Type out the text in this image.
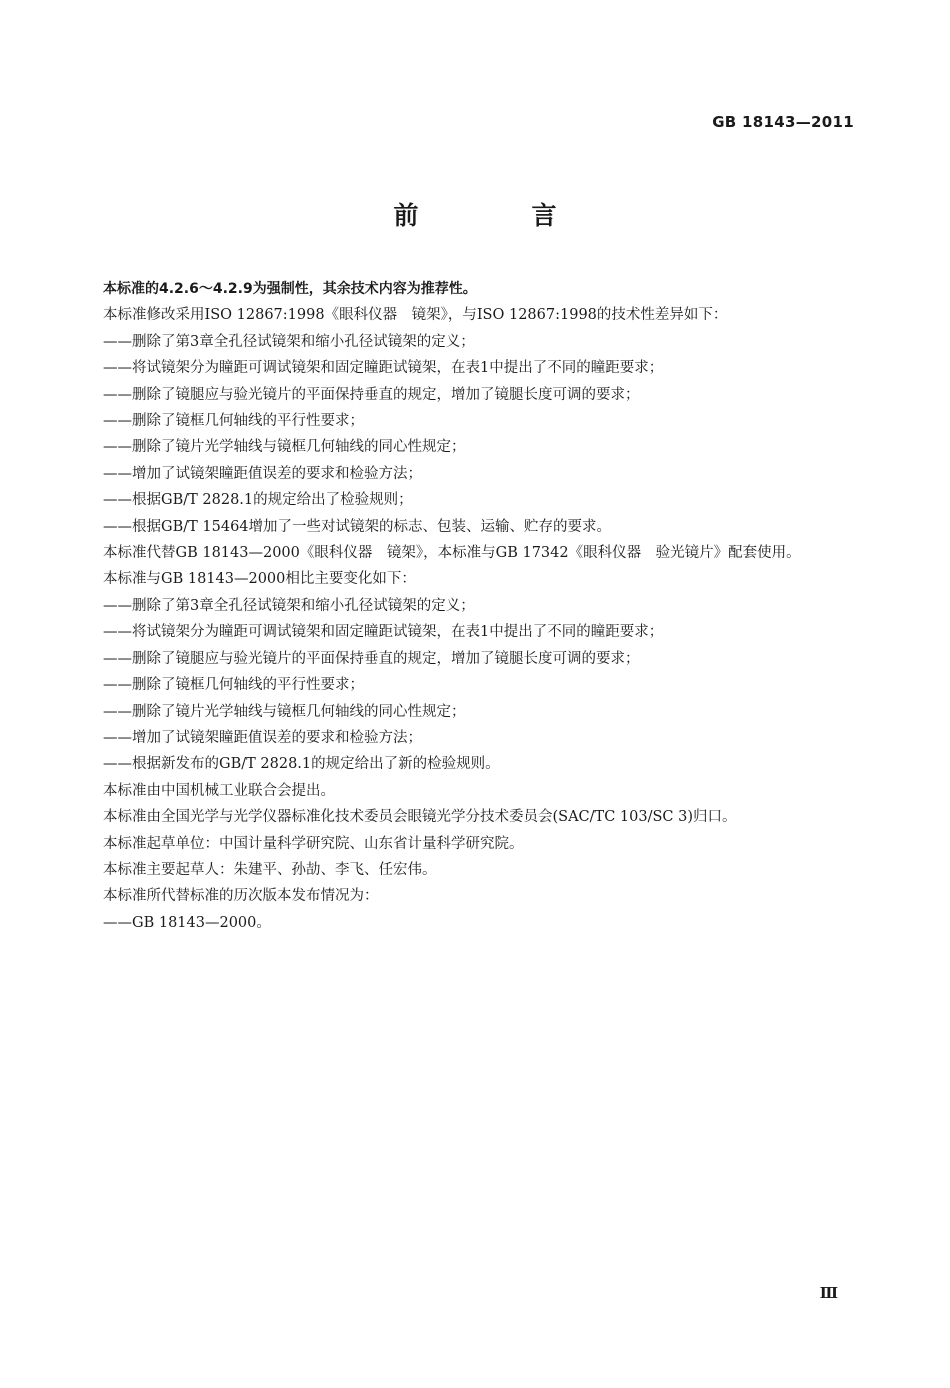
GB 18143—2011
前　言

本标准的4.2.6～4.2.9为强制性，其余技术内容为推荐性。

本标准修改采用ISO 12867:1998《眼科仪器　镜架》，与ISO 12867:1998的技术性差异如下：

——删除了第3章全孔径试镜架和缩小孔径试镜架的定义；

——将试镜架分为瞳距可调试镜架和固定瞳距试镜架，在表1中提出了不同的瞳距要求；

——删除了镜腿应与验光镜片的平面保持垂直的规定，增加了镜腿长度可调的要求；

——删除了镜框几何轴线的平行性要求；

——删除了镜片光学轴线与镜框几何轴线的同心性规定；

——增加了试镜架瞳距值误差的要求和检验方法；

——根据GB/T 2828.1的规定给出了检验规则；

——根据GB/T 15464增加了一些对试镜架的标志、包装、运输、贮存的要求。

本标准代替GB 18143—2000《眼科仪器　镜架》，本标准与GB 17342《眼科仪器　验光镜片》配套使用。

本标准与GB 18143—2000相比主要变化如下：

——删除了第3章全孔径试镜架和缩小孔径试镜架的定义；

——将试镜架分为瞳距可调试镜架和固定瞳距试镜架，在表1中提出了不同的瞳距要求；

——删除了镜腿应与验光镜片的平面保持垂直的规定，增加了镜腿长度可调的要求；

——删除了镜框几何轴线的平行性要求；

——删除了镜片光学轴线与镜框几何轴线的同心性规定；

——增加了试镜架瞳距值误差的要求和检验方法；

——根据新发布的GB/T 2828.1的规定给出了新的检验规则。

本标准由中国机械工业联合会提出。

本标准由全国光学与光学仪器标准化技术委员会眼镜光学分技术委员会(SAC/TC 103/SC 3)归口。

本标准起草单位：中国计量科学研究院、山东省计量科学研究院。

本标准主要起草人：朱建平、孙劼、李飞、任宏伟。

本标准所代替标准的历次版本发布情况为：

——GB 18143—2000。

Ⅲ
